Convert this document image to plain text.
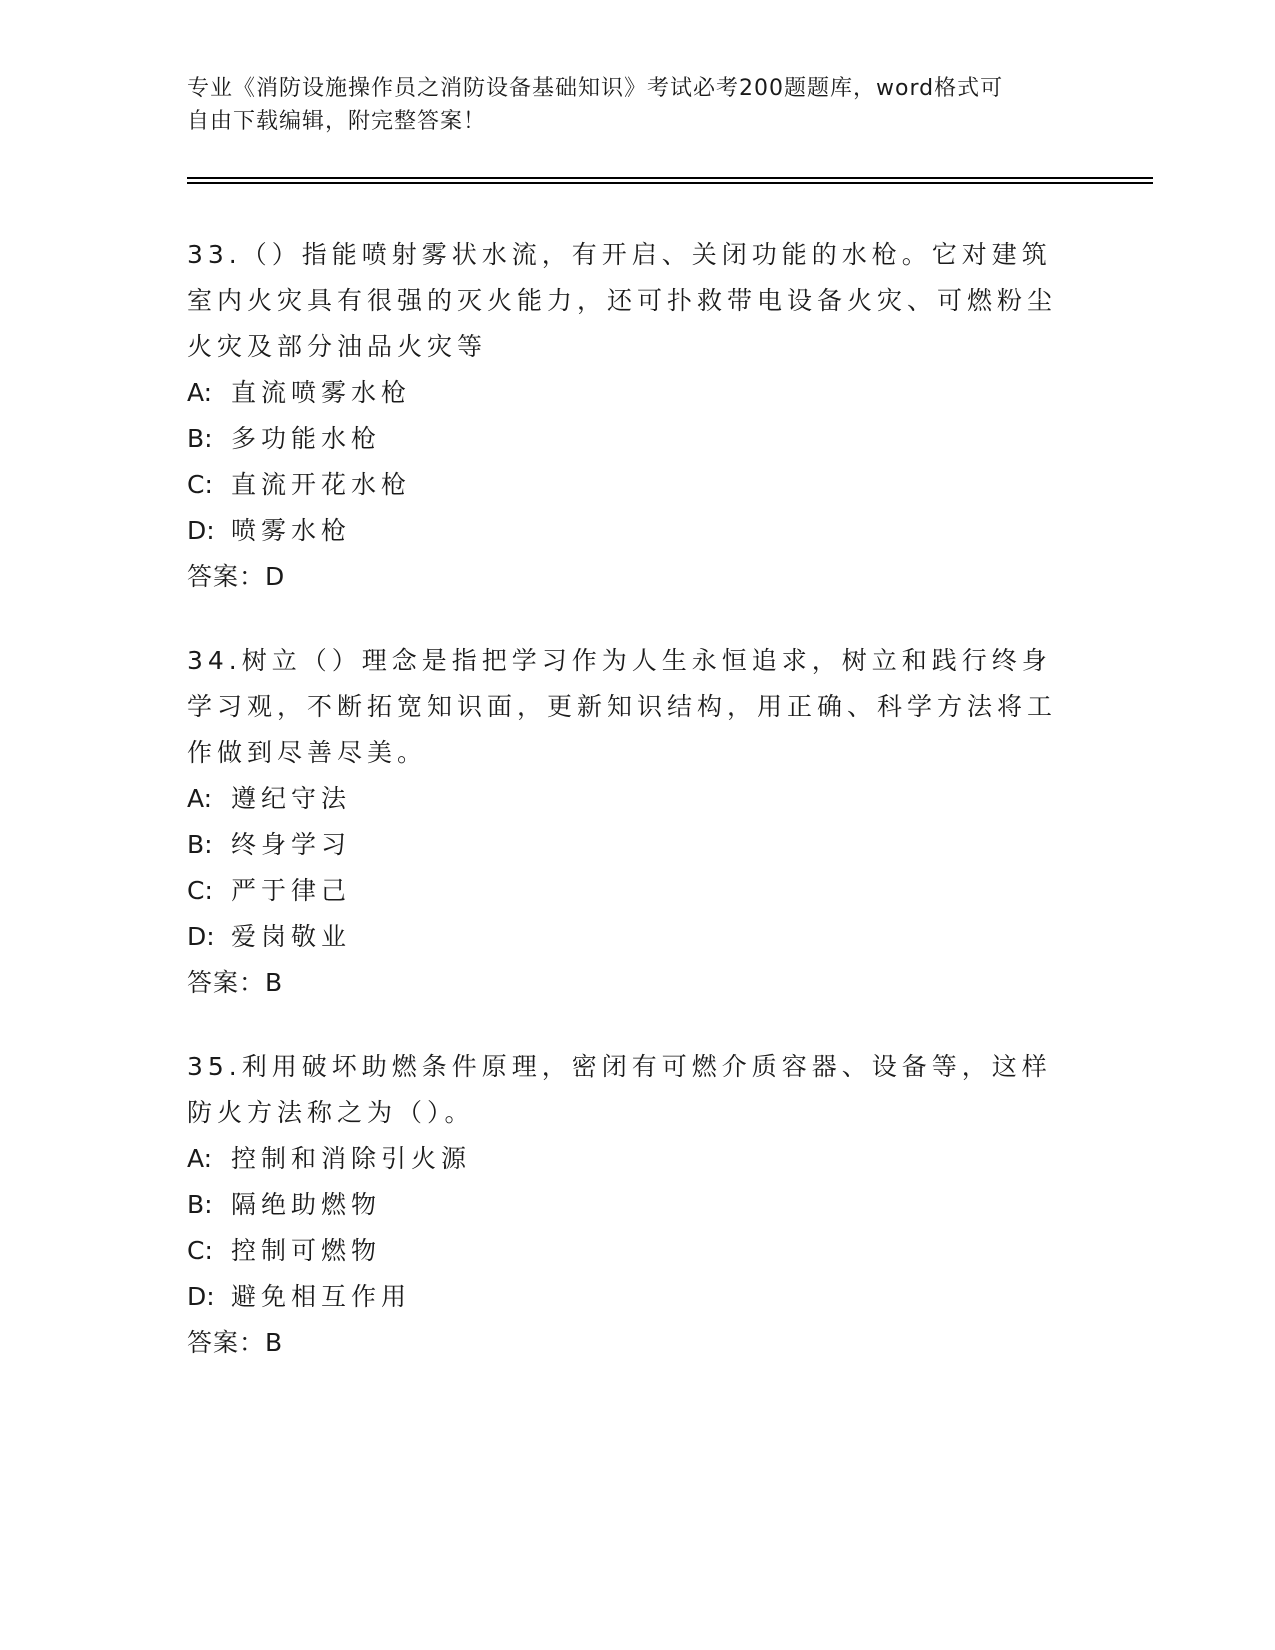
专业《消防设施操作员之消防设备基础知识》考试必考200题题库，word格式可
自由下载编辑，附完整答案！
33.（）指能喷射雾状水流，有开启、关闭功能的水枪。它对建筑室内火灾具有很强的灭火能力，还可扑救带电设备火灾、可燃粉尘火灾及部分油品火灾等
A: 直流喷雾水枪
B: 多功能水枪
C: 直流开花水枪
D: 喷雾水枪
答案：D
34.树立（）理念是指把学习作为人生永恒追求，树立和践行终身学习观，不断拓宽知识面，更新知识结构，用正确、科学方法将工作做到尽善尽美。
A: 遵纪守法
B: 终身学习
C: 严于律己
D: 爱岗敬业
答案：B
35.利用破坏助燃条件原理，密闭有可燃介质容器、设备等，这样防火方法称之为（）。
A: 控制和消除引火源
B: 隔绝助燃物
C: 控制可燃物
D: 避免相互作用
答案：B
